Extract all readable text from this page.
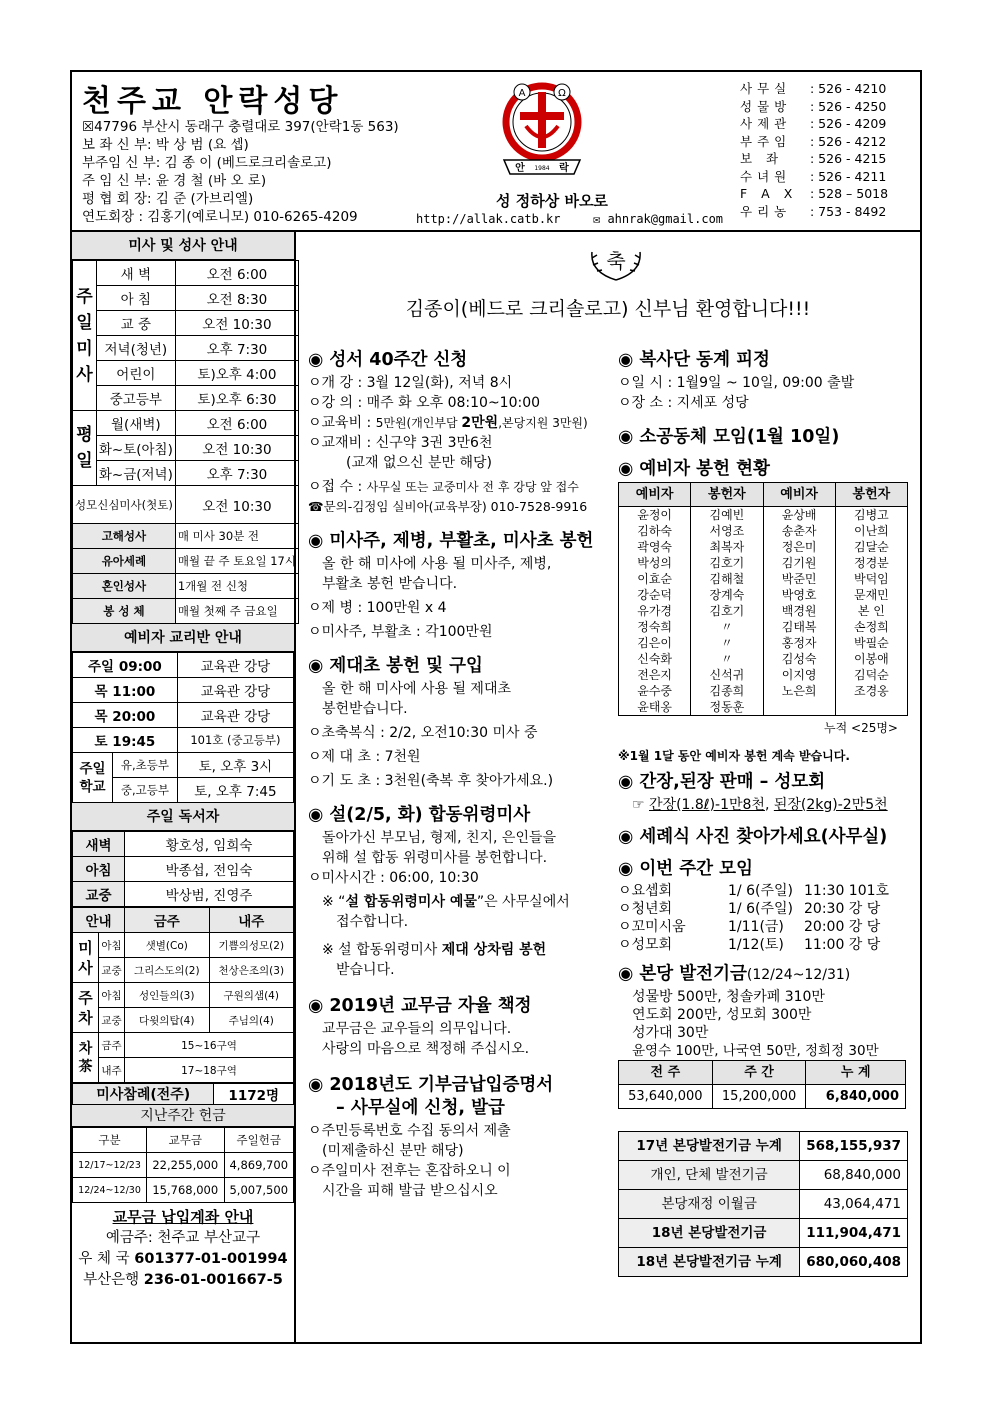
천주교 안락성당
☒47796 부산시 동래구 충렬대로 397(안락1동 563)
보 좌 신 부: 박 상 범 (요 셉)
부주임 신 부: 김 종 이 (베드로크리솔로고)
주 임 신 부: 윤 경 철 (바 오 로)
평 협 회 장: 김 준 (가브리엘)
연도회장 : 김홍기(예로니모) 010-6265-4209
A	Ω
안 1984 락
성 정하상 바오로
http://allak.catb.kr	✉ ahnrak@gmail.com
사무실	: 526 - 4210
성물방	: 526 - 4250
사제관	: 526 - 4209
부주임	: 526 - 4212
보 좌	: 526 - 4215
수녀원	: 526 - 4211
F A X	: 528 – 5018
우리농	: 753 - 8492
미사 및 성사 안내
주일미사	새 벽	오전 6:00
	아 침	오전 8:30
	교 중	오전 10:30
	저녁(청년)	오후 7:30
	어린이	토)오후 4:00
	중고등부	토)오후 6:30
평일	월(새벽)	오전 6:00
	화~토(아침)	오전 10:30
	화~금(저녁)	오후 7:30
성모신심미사(첫토)		오전 10:30
고해성사		매 미사 30분 전
유아세례		매월 끝 주 토요일 17시
혼인성사		1개월 전 신청
봉 성 체		매월 첫째 주 금요일
예비자 교리반 안내
주일 09:00		교육관 강당
목 11:00		교육관 강당
목 20:00		교육관 강당
토 19:45		101호 (중고등부)
주일학교	유,초등부	토, 오후 3시
	중,고등부	토, 오후 7:45
주일 독서자
새벽	황호성, 임희숙
아침	박종섭, 전임숙
교중	박상범, 진영주
안내		금주	내주
미사	아침	샛별(Co)	기쁨의성모(2)
	교중	그리스도의(2)	천상은조의(3)
주차	아침	성인들의(3)	구원의샘(4)
	교중	다윗의탑(4)	주님의(4)
차茶	금주	15~16구역	
	내주	17~18구역	
미사참례(전주)	1172명
지난주간 헌금
구분	교무금	주일헌금
12/17~12/23	22,255,000	4,869,700
12/24~12/30	15,768,000	5,007,500
교무금 납입계좌 안내
예금주: 천주교 부산교구
우 체 국 601377-01-001994
부산은행 236-01-001667-5
축
김종이(베드로 크리솔로고) 신부님 환영합니다!!!
◉ 성서 40주간 신청
ㅇ개 강 : 3월 12일(화), 저녁 8시
ㅇ강 의 : 매주 화 오후 08:10~10:00
ㅇ교육비 : 5만원(개인부담 2만원,본당지원 3만원)
ㅇ교재비 : 신구약 3권 3만6천
(교재 없으신 분만 해당)
ㅇ접 수 : 사무실 또는 교중미사 전 후 강당 앞 접수
☎문의-김정임 실비아(교육부장) 010-7528-9916
◉ 미사주, 제병, 부활초, 미사초 봉헌
올 한 해 미사에 사용 될 미사주, 제병,
부활초 봉헌 받습니다.
ㅇ제 병 : 100만원 x 4
ㅇ미사주, 부활초 : 각100만원
◉ 제대초 봉헌 및 구입
올 한 해 미사에 사용 될 제대초
봉헌받습니다.
ㅇ초축복식 : 2/2, 오전10:30 미사 중
ㅇ제 대 초 : 7천원
ㅇ기 도 초 : 3천원(축복 후 찾아가세요.)
◉ 설(2/5, 화) 합동위령미사
돌아가신 부모님, 형제, 친지, 은인들을
위해 설 합동 위령미사를 봉헌합니다.
ㅇ미사시간 : 06:00, 10:30
※ “설 합동위령미사 예물”은 사무실에서
접수합니다.
※ 설 합동위령미사 제대 상차림 봉헌
받습니다.
◉ 2019년 교무금 자율 책정
교무금은 교우들의 의무입니다.
사랑의 마음으로 책정해 주십시오.
◉ 2018년도 기부금납입증명서
– 사무실에 신청, 발급
ㅇ주민등록번호 수집 동의서 제출
(미제출하신 분만 해당)
ㅇ주일미사 전후는 혼잡하오니 이
시간을 피해 발급 받으십시오
◉ 복사단 동계 피정
ㅇ일 시 : 1월9일 ~ 10일, 09:00 출발
ㅇ장 소 : 지세포 성당
◉ 소공동체 모임(1월 10일)
◉ 예비자 봉헌 현황
예비자	봉헌자	예비자	봉헌자
윤정이	김예빈	윤상배	김병고
김하숙	서영조	송춘자	이난희
곽영숙	최복자	정은미	김달순
박성의	김호기	김기원	정경분
이효순	김해철	박준민	박덕임
강순덕	장계숙	박영호	문재민
유가경	김호기	백경원	본 인
정숙희	〃	김태복	손정희
김은이	〃	홍정자	박필순
신숙화	〃	김성숙	이봉애
전은지	신석귀	이지영	김덕순
윤수중	김종희	노은희	조경옹
윤태옹	정동훈		
누적 <25명>
※1월 1달 동안 예비자 봉헌 계속 받습니다.
◉ 간장,된장 판매 – 성모회
☞ 간장(1.8ℓ)-1만8천, 된장(2kg)-2만5천
◉ 세례식 사진 찾아가세요(사무실)
◉ 이번 주간 모임
ㅇ요셉회	1/ 6(주일) 11:30 101호
ㅇ청년회	1/ 6(주일) 20:30 강 당
ㅇ꼬미시움	1/11(금)	20:00 강 당
ㅇ성모회	1/12(토)	11:00 강 당
◉ 본당 발전기금(12/24~12/31)
성물방 500만, 청솔카페 310만
연도회 200만, 성모회 300만
성가대 30만
윤영수 100만, 나국연 50만, 정희정 30만
전 주	주 간	누 계
53,640,000	15,200,000	6,840,000
17년 본당발전기금 누계	568,155,937
개인, 단체 발전기금	68,840,000
본당재정 이월금	43,064,471
18년 본당발전기금	111,904,471
18년 본당발전기금 누계	680,060,408
